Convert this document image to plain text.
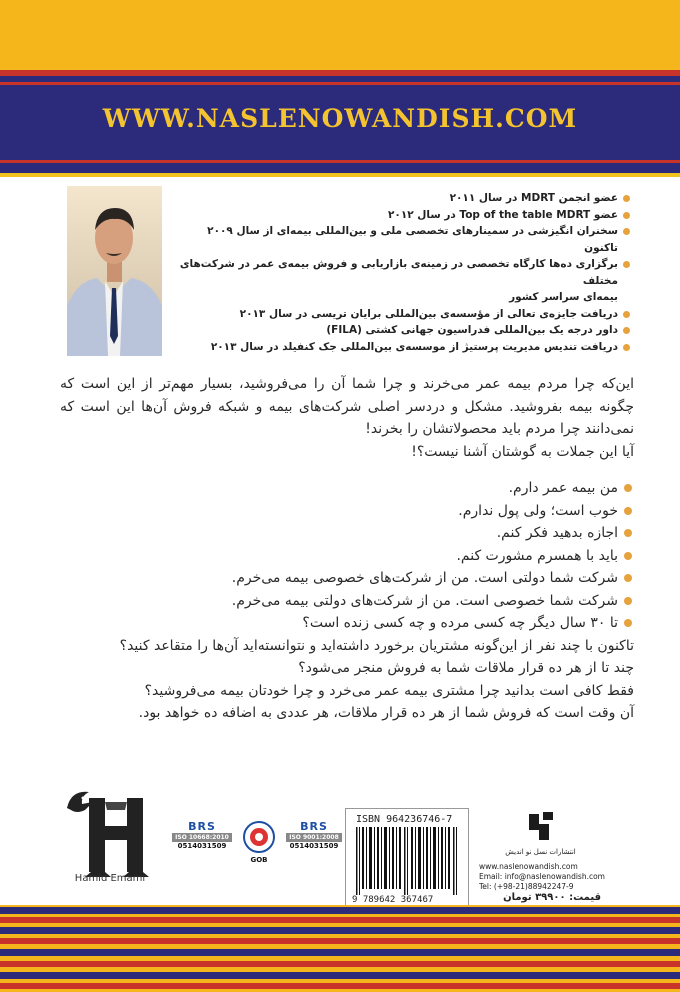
WWW.NASLENOWANDISH.COM
عضو انجمن MDRT در سال ۲۰۱۱
عضو Top of the table MDRT در سال ۲۰۱۲
سخنران انگیزشی در سمینارهای تخصصی ملی و بین‌المللی بیمه‌ای از سال ۲۰۰۹ تاکنون
برگزاری ده‌ها کارگاه تخصصی در زمینه‌ی بازاریابی و فروش بیمه‌ی عمر در شرکت‌های مختلف
بیمه‌ای سراسر کشور
دریافت جایزه‌ی تعالی از مؤسسه‌ی بین‌المللی برایان تریسی در سال ۲۰۱۳
داور درجه یک بین‌المللی فدراسیون جهانی کشتی (FILA)
دریافت تندیس مدیریت پرستیژ از موسسه‌ی بین‌المللی جک کنفیلد در سال ۲۰۱۳

این‌که چرا مردم بیمه عمر می‌خرند و چرا شما آن را می‌فروشید، بسیار مهم‌تر از این است که چگونه بیمه بفروشید. مشکل و دردسر اصلی شرکت‌های بیمه و شبکه فروش آن‌ها این است که نمی‌دانند چرا مردم باید محصولاتشان را بخرند!

آیا این جملات به گوشتان آشنا نیست؟!

من بیمه عمر دارم.
خوب است؛ ولی پول ندارم.
اجازه بدهید فکر کنم.
باید با همسرم مشورت کنم.
شرکت شما دولتی است. من از شرکت‌های خصوصی بیمه می‌خرم.
شرکت شما خصوصی است. من از شرکت‌های دولتی بیمه می‌خرم.
تا ۳۰ سال دیگر چه کسی مرده و چه کسی زنده است؟

تاکنون با چند نفر از این‌گونه مشتریان برخورد داشته‌اید و نتوانسته‌اید آن‌ها را متقاعد کنید؟

چند تا از هر ده قرار ملاقات شما به فروش منجر می‌شود؟

فقط کافی است بدانید چرا مشتری بیمه عمر می‌خرد و چرا خودتان بیمه می‌فروشید؟

آن وقت است که فروش شما از هر ده قرار ملاقات، هر عددی به اضافه ده خواهد بود.

Hamid Emami
BRS
ISO 10668:2010
0514031509
GOB
BRS
ISO 9001:2008
0514031509
ISBN 964236746-7
9 789642 367467
انتشارات نسل نو اندیش
www.naslenowandish.com
Email: info@naslenowandish.com
Tel: (+98-21)88942247-9
قیمت: ۳۹۹۰۰ تومان
